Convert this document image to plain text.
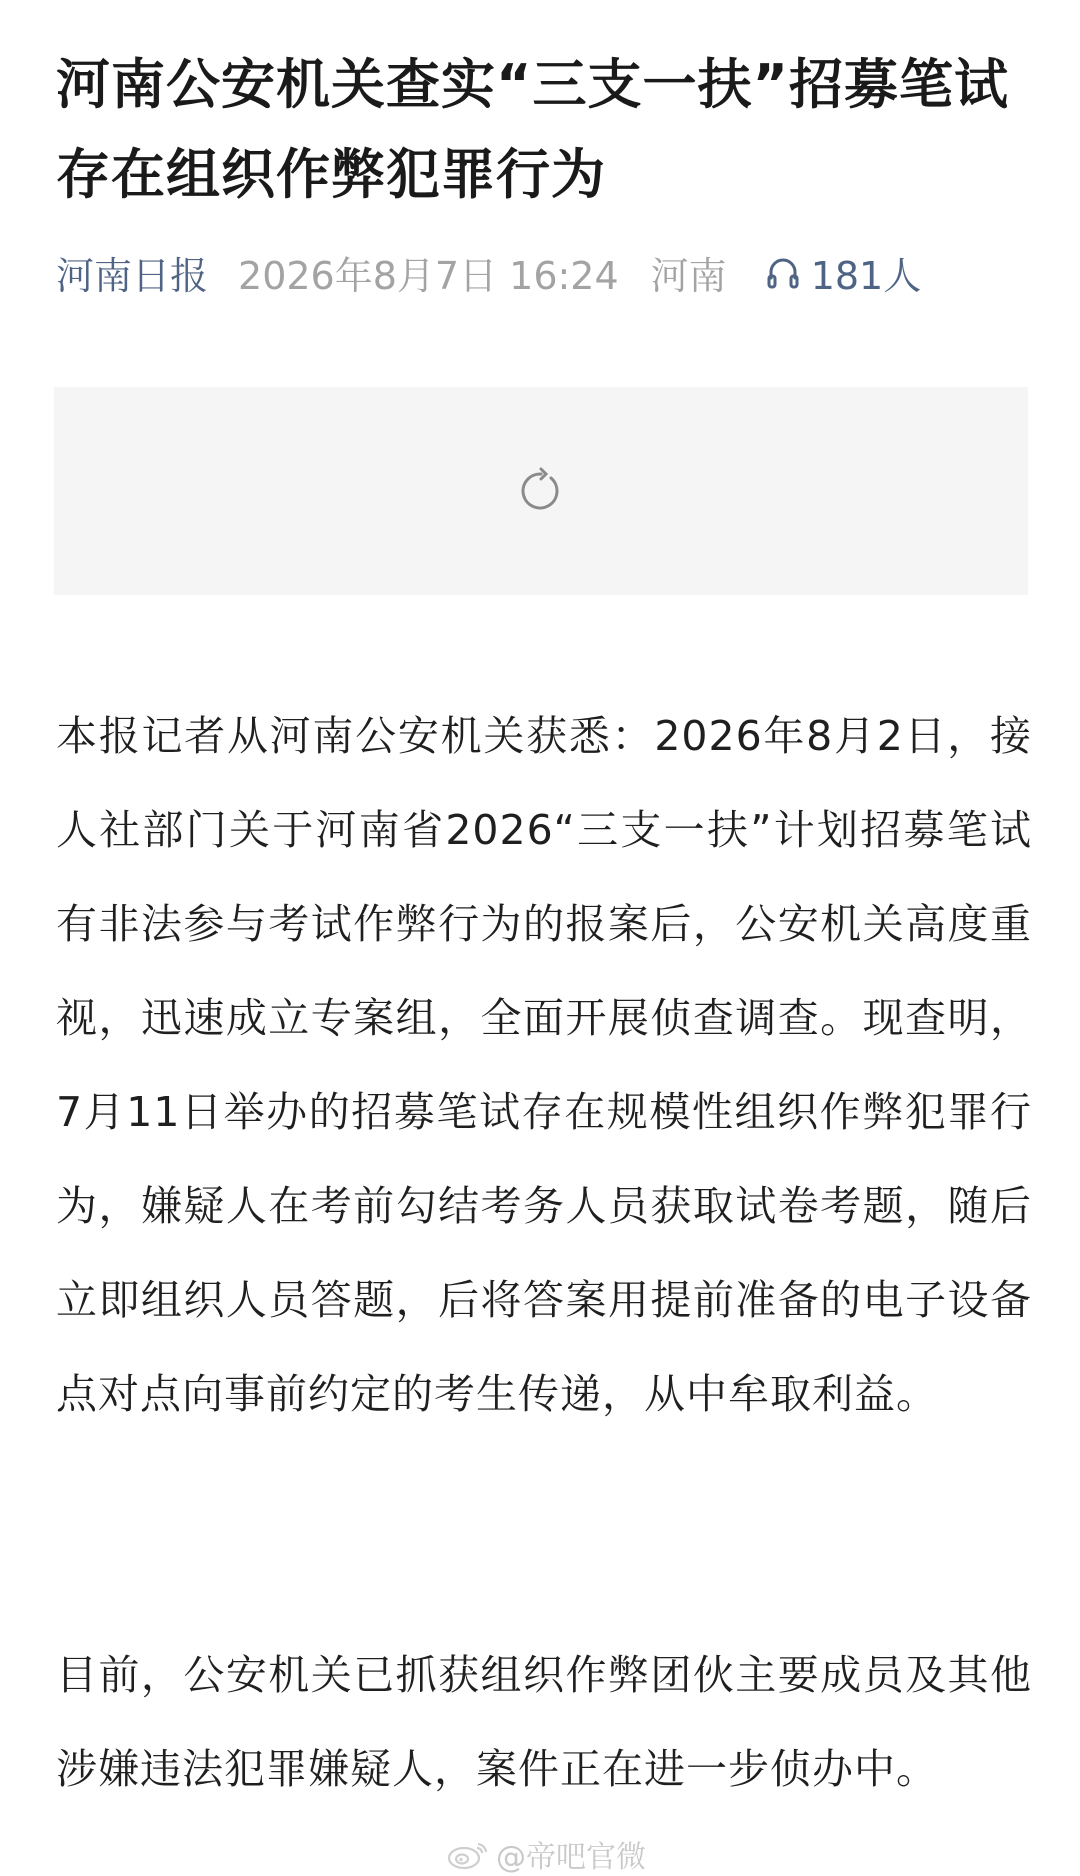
河南公安机关查实“三支一扶”招募笔试存在组织作弊犯罪行为
河南日报 2026年8月7日 16:24 河南 181人

本报记者从河南公安机关获悉：2026年8月2日，接人社部门关于河南省2026“三支一扶”计划招募笔试有非法参与考试作弊行为的报案后，公安机关高度重视，迅速成立专案组，全面开展侦查调查。现查明，7月11日举办的招募笔试存在规模性组织作弊犯罪行为，嫌疑人在考前勾结考务人员获取试卷考题，随后立即组织人员答题，后将答案用提前准备的电子设备点对点向事前约定的考生传递，从中牟取利益。

目前，公安机关已抓获组织作弊团伙主要成员及其他涉嫌违法犯罪嫌疑人，案件正在进一步侦办中。

@帝吧官微
